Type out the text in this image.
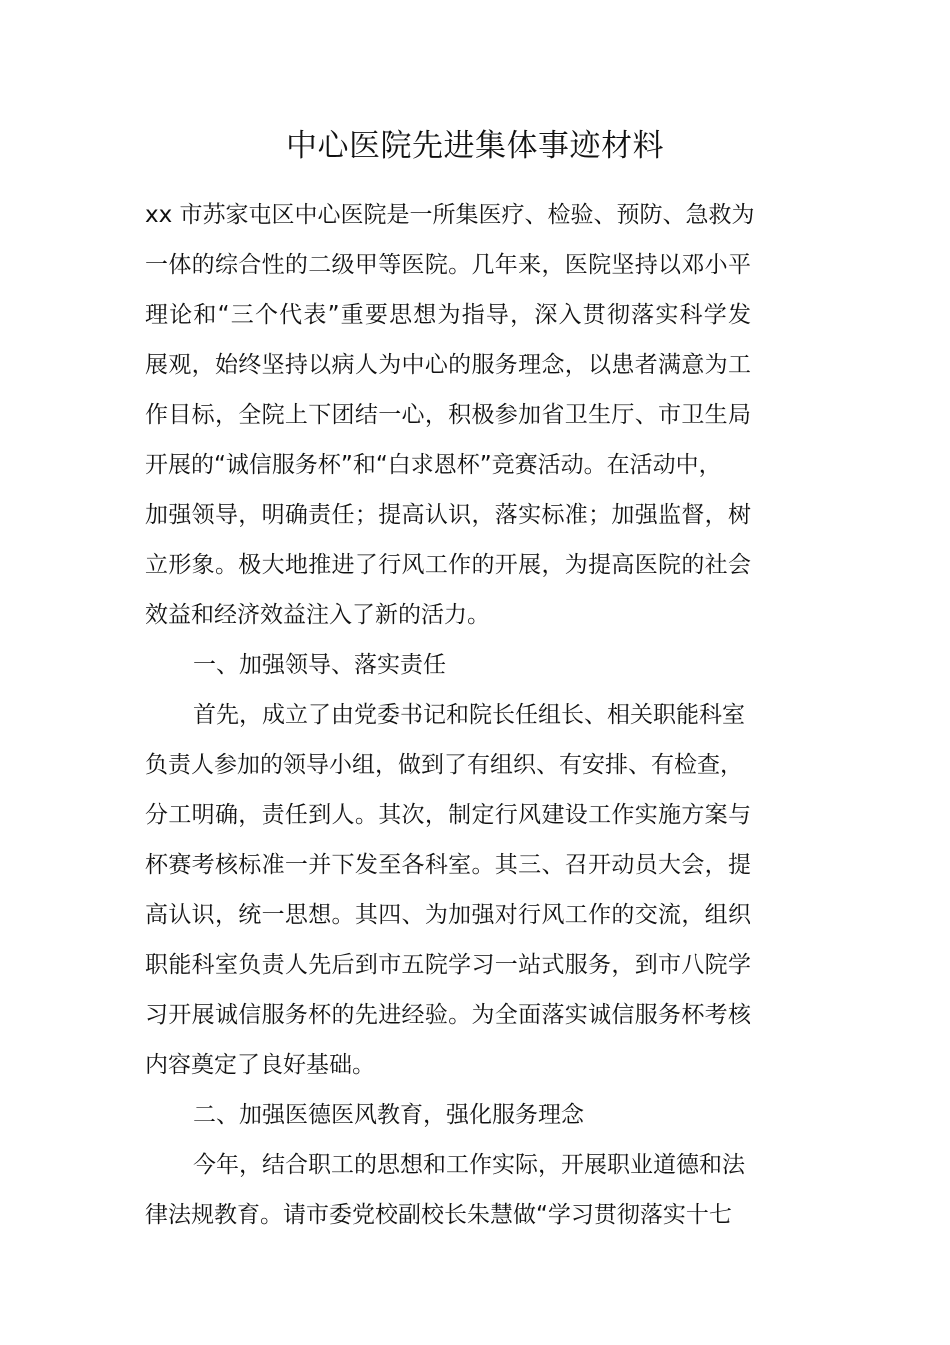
中心医院先进集体事迹材料
xx 市苏家屯区中心医院是一所集医疗、检验、预防、急救为
一体的综合性的二级甲等医院。几年来，医院坚持以邓小平
理论和“三个代表”重要思想为指导，深入贯彻落实科学发
展观，始终坚持以病人为中心的服务理念，以患者满意为工
作目标，全院上下团结一心，积极参加省卫生厅、市卫生局
开展的“诚信服务杯”和“白求恩杯”竞赛活动。在活动中，
加强领导，明确责任；提高认识，落实标准；加强监督，树
立形象。极大地推进了行风工作的开展，为提高医院的社会
效益和经济效益注入了新的活力。
一、加强领导、落实责任
首先，成立了由党委书记和院长任组长、相关职能科室
负责人参加的领导小组，做到了有组织、有安排、有检查，
分工明确，责任到人。其次，制定行风建设工作实施方案与
杯赛考核标准一并下发至各科室。其三、召开动员大会，提
高认识，统一思想。其四、为加强对行风工作的交流，组织
职能科室负责人先后到市五院学习一站式服务，到市八院学
习开展诚信服务杯的先进经验。为全面落实诚信服务杯考核
内容奠定了良好基础。
二、加强医德医风教育，强化服务理念
今年，结合职工的思想和工作实际，开展职业道德和法
律法规教育。请市委党校副校长朱慧做“学习贯彻落实十七
